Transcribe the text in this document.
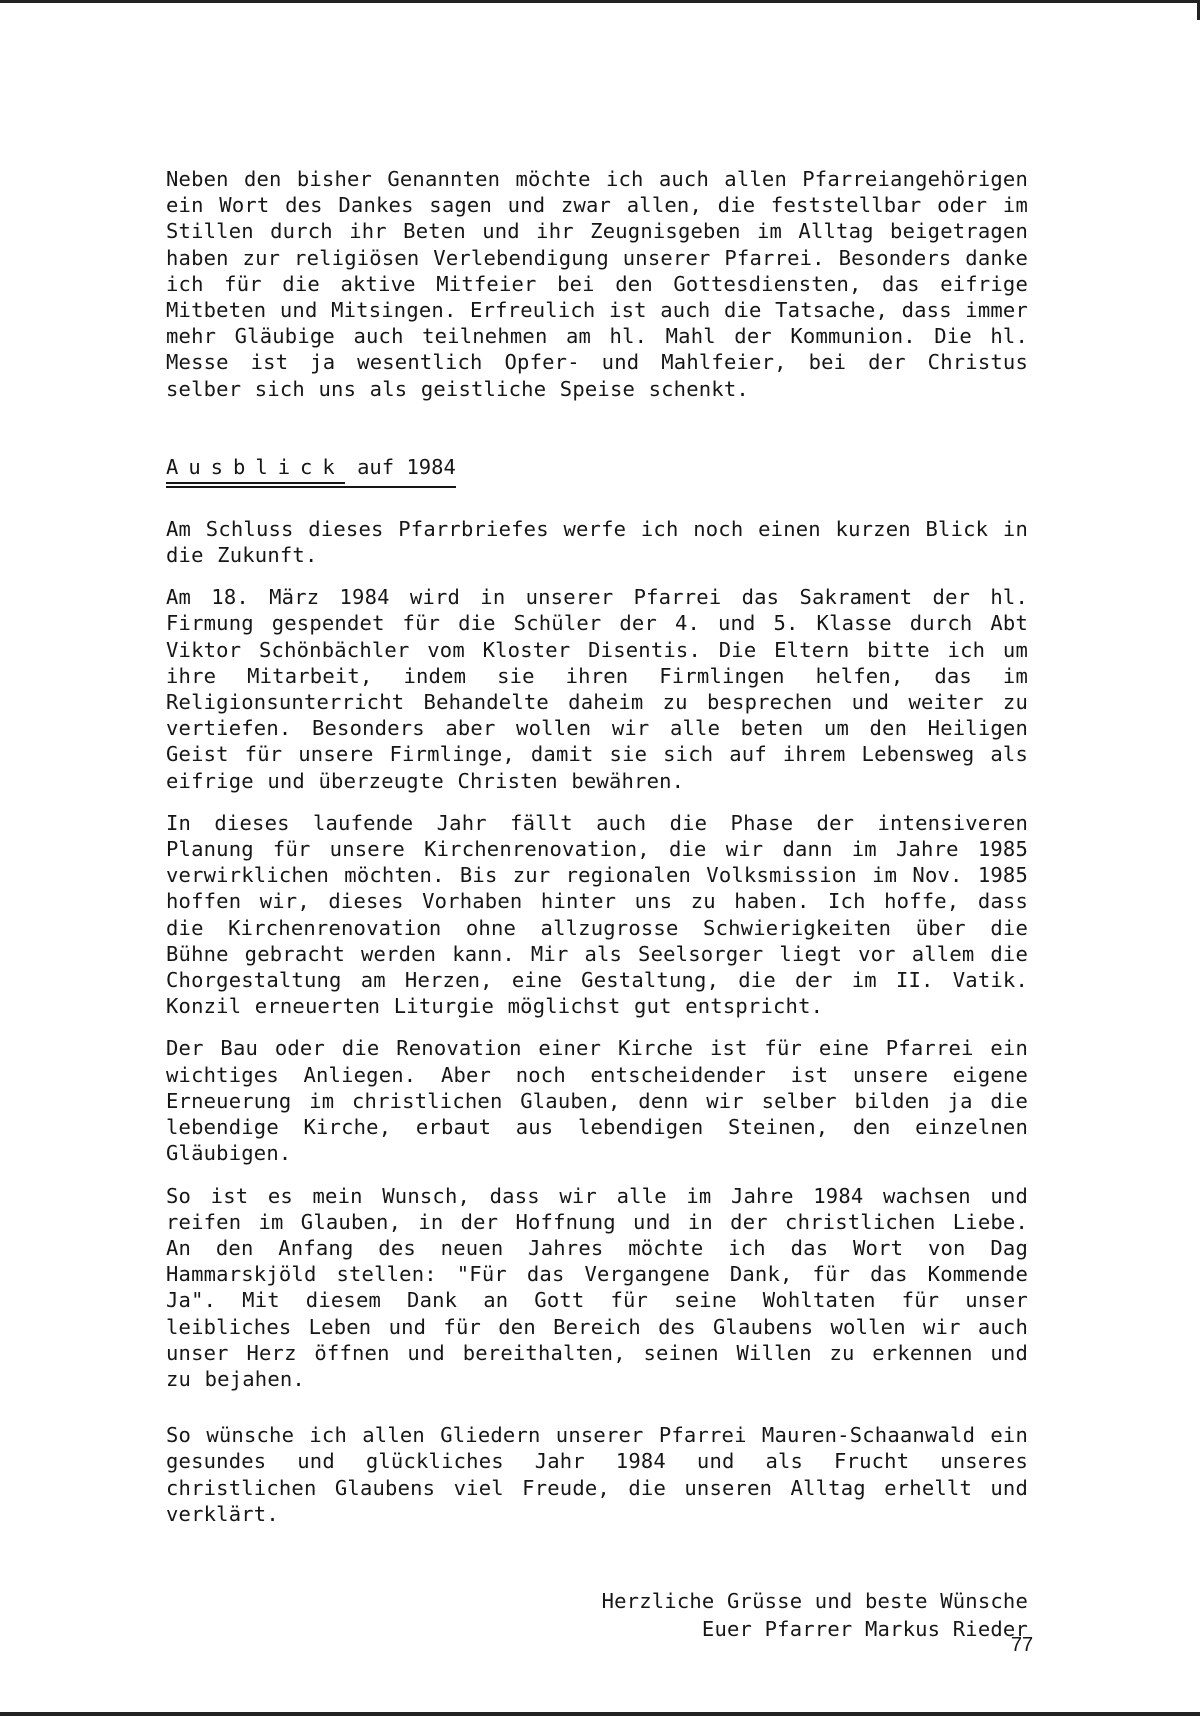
Neben den bisher Genannten möchte ich auch allen Pfarreiangehörigen ein Wort des Dankes sagen und zwar allen, die feststellbar oder im Stillen durch ihr Beten und ihr Zeugnisgeben im Alltag beigetragen haben zur religiösen Verlebendigung unserer Pfarrei. Besonders danke ich für die aktive Mitfeier bei den Gottesdiensten, das eifrige Mitbeten und Mitsingen. Erfreulich ist auch die Tatsache, dass immer mehr Gläubige auch teilnehmen am hl. Mahl der Kommunion. Die hl. Messe ist ja wesentlich Opfer- und Mahlfeier, bei der Christus selber sich uns als geistliche Speise schenkt.

Ausblick auf 1984

Am Schluss dieses Pfarrbriefes werfe ich noch einen kurzen Blick in die Zukunft.

Am 18. März 1984 wird in unserer Pfarrei das Sakrament der hl. Firmung gespendet für die Schüler der 4. und 5. Klasse durch Abt Viktor Schönbächler vom Kloster Disentis. Die Eltern bitte ich um ihre Mitarbeit, indem sie ihren Firmlingen helfen, das im Religionsunterricht Behandelte daheim zu besprechen und weiter zu vertiefen. Besonders aber wollen wir alle beten um den Heiligen Geist für unsere Firmlinge, damit sie sich auf ihrem Lebensweg als eifrige und überzeugte Christen bewähren.

In dieses laufende Jahr fällt auch die Phase der intensiveren Planung für unsere Kirchenrenovation, die wir dann im Jahre 1985 verwirklichen möchten. Bis zur regionalen Volksmission im Nov. 1985 hoffen wir, dieses Vorhaben hinter uns zu haben. Ich hoffe, dass die Kirchenrenovation ohne allzugrosse Schwierigkeiten über die Bühne gebracht werden kann. Mir als Seelsorger liegt vor allem die Chorgestaltung am Herzen, eine Gestaltung, die der im II. Vatik. Konzil erneuerten Liturgie möglichst gut entspricht.

Der Bau oder die Renovation einer Kirche ist für eine Pfarrei ein wichtiges Anliegen. Aber noch entscheidender ist unsere eigene Erneuerung im christlichen Glauben, denn wir selber bilden ja die lebendige Kirche, erbaut aus lebendigen Steinen, den einzelnen Gläubigen.

So ist es mein Wunsch, dass wir alle im Jahre 1984 wachsen und reifen im Glauben, in der Hoffnung und in der christlichen Liebe. An den Anfang des neuen Jahres möchte ich das Wort von Dag Hammarskjöld stellen: "Für das Vergangene Dank, für das Kommende Ja". Mit diesem Dank an Gott für seine Wohltaten für unser leibliches Leben und für den Bereich des Glaubens wollen wir auch unser Herz öffnen und bereithalten, seinen Willen zu erkennen und zu bejahen.

So wünsche ich allen Gliedern unserer Pfarrei Mauren-Schaanwald ein gesundes und glückliches Jahr 1984 und als Frucht unseres christlichen Glaubens viel Freude, die unseren Alltag erhellt und verklärt.

Herzliche Grüsse und beste Wünsche
Euer Pfarrer Markus Rieder
77
